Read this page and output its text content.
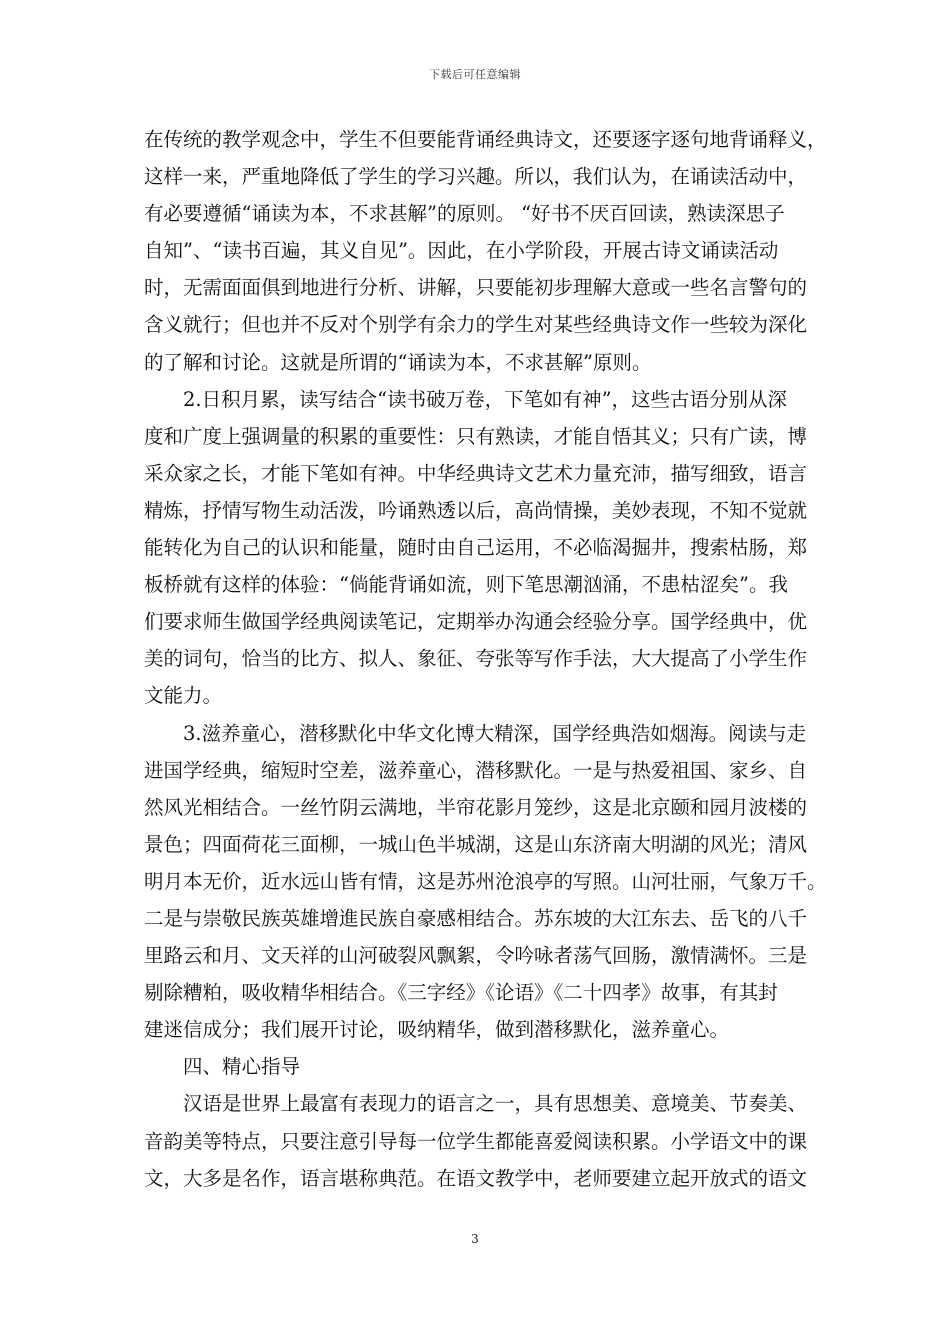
下载后可任意编辑
在传统的教学观念中，学生不但要能背诵经典诗文，还要逐字逐句地背诵释义，
这样一来，严重地降低了学生的学习兴趣。所以，我们认为，在诵读活动中，
有必要遵循“诵读为本，不求甚解”的原则。 “好书不厌百回读，熟读深思子
自知”、“读书百遍，其义自见”。因此，在小学阶段，开展古诗文诵读活动
时，无需面面俱到地进行分析、讲解，只要能初步理解大意或一些名言警句的
含义就行；但也并不反对个别学有余力的学生对某些经典诗文作一些较为深化
的了解和讨论。这就是所谓的“诵读为本，不求甚解”原则。
2.日积月累，读写结合“读书破万卷，下笔如有神”，这些古语分别从深
度和广度上强调量的积累的重要性：只有熟读，才能自悟其义；只有广读，博
采众家之长，才能下笔如有神。中华经典诗文艺术力量充沛，描写细致，语言
精炼，抒情写物生动活泼，吟诵熟透以后，高尚情操，美妙表现，不知不觉就
能转化为自己的认识和能量，随时由自己运用，不必临渴掘井，搜索枯肠，郑
板桥就有这样的体验：“倘能背诵如流，则下笔思潮汹涌，不患枯涩矣”。我
们要求师生做国学经典阅读笔记，定期举办沟通会经验分享。国学经典中，优
美的词句，恰当的比方、拟人、象征、夸张等写作手法，大大提高了小学生作
文能力。
3.滋养童心，潜移默化中华文化博大精深，国学经典浩如烟海。阅读与走
进国学经典，缩短时空差，滋养童心，潜移默化。一是与热爱祖国、家乡、自
然风光相结合。一丝竹阴云满地，半帘花影月笼纱，这是北京颐和园月波楼的
景色；四面荷花三面柳，一城山色半城湖，这是山东济南大明湖的风光；清风
明月本无价，近水远山皆有情，这是苏州沧浪亭的写照。山河壮丽，气象万千。
二是与崇敬民族英雄增進民族自豪感相结合。苏东坡的大江东去、岳飞的八千
里路云和月、文天祥的山河破裂风飘絮，令吟咏者荡气回肠，激情满怀。三是
剔除糟粕，吸收精华相结合。《三字经》《论语》《二十四孝》故事，有其封
建迷信成分；我们展开讨论，吸纳精华，做到潜移默化，滋养童心。
四、精心指导
汉语是世界上最富有表现力的语言之一，具有思想美、意境美、节奏美、
音韵美等特点，只要注意引导每一位学生都能喜爱阅读积累。小学语文中的课
文，大多是名作，语言堪称典范。在语文教学中，老师要建立起开放式的语文
3
